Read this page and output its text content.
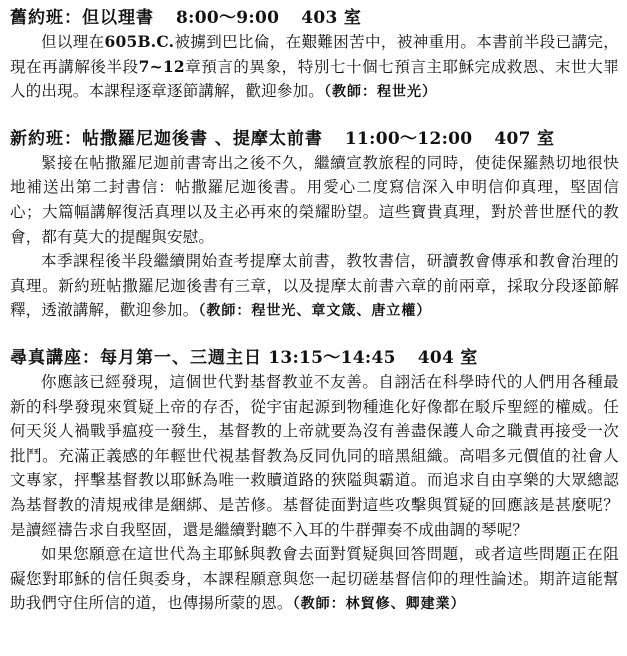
舊約班：但以理書 8:00～9:00 403 室

但以理在605B.C.被擄到巴比倫，在艱難困苦中，被神重用。本書前半段已講完，現在再講解後半段7~12章預言的異象，特別七十個七預言主耶穌完成救恩、末世大罪人的出現。本課程逐章逐節講解，歡迎參加。（教師：程世光）

新約班：帖撒羅尼迦後書 、提摩太前書 11:00～12:00 407 室

緊接在帖撒羅尼迦前書寄出之後不久，繼續宣教旅程的同時，使徒保羅熱切地很快地補送出第二封書信：帖撒羅尼迦後書。用愛心二度寫信深入申明信仰真理，堅固信心；大篇幅講解復活真理以及主必再來的榮耀盼望。這些寶貴真理，對於普世歷代的教會，都有莫大的提醒與安慰。

本季課程後半段繼續開始查考提摩太前書，教牧書信，研讀教會傳承和教會治理的真理。新約班帖撒羅尼迦後書有三章，以及提摩太前書六章的前兩章，採取分段逐節解釋，透澈講解，歡迎參加。（教師：程世光、章文箴、唐立權）

尋真講座：每月第一、三週主日 13:15～14:45 404 室

你應該已經發現，這個世代對基督教並不友善。自詡活在科學時代的人們用各種最新的科學發現來質疑上帝的存否，從宇宙起源到物種進化好像都在駁斥聖經的權威。任何天災人禍戰爭瘟疫一發生，基督教的上帝就要為沒有善盡保護人命之職責再接受一次批鬥。充滿正義感的年輕世代視基督教為反同仇同的暗黑組織。高唱多元價值的社會人文專家，抨擊基督教以耶穌為唯一救贖道路的狹隘與霸道。而追求自由享樂的大眾總認為基督教的清規戒律是綑綁、是苦修。基督徒面對這些攻擊與質疑的回應該是甚麼呢？是讀經禱告求自我堅固，還是繼續對聽不入耳的牛群彈奏不成曲調的琴呢？

如果您願意在這世代為主耶穌與教會去面對質疑與回答問題，或者這些問題正在阻礙您對耶穌的信任與委身，本課程願意與您一起切磋基督信仰的理性論述。期許這能幫助我們守住所信的道，也傳揚所蒙的恩。（教師：林貿修、卿建業）
